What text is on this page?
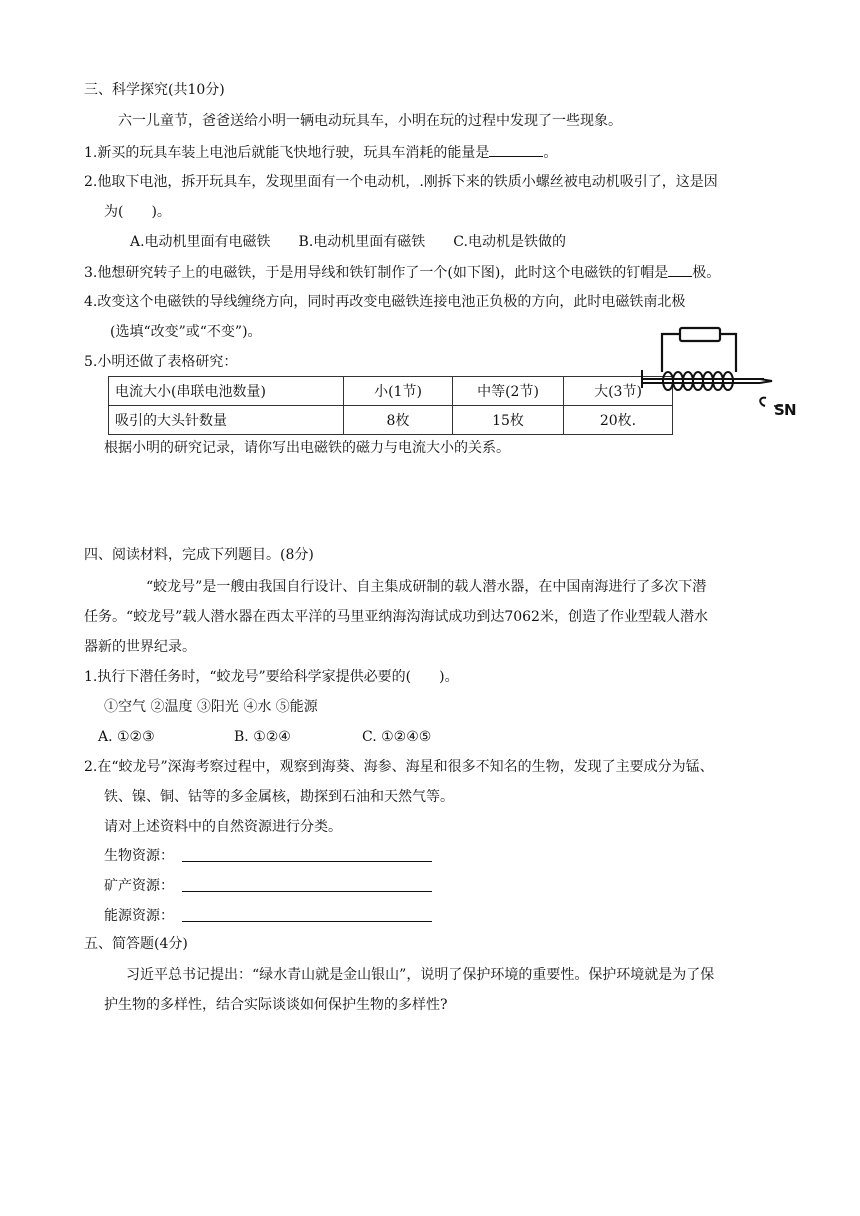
三、科学探究(共10分)
六一儿童节，爸爸送给小明一辆电动玩具车，小明在玩的过程中发现了一些现象。
1.新买的玩具车装上电池后就能飞快地行驶，玩具车消耗的能量是	。
2.他取下电池，拆开玩具车，发现里面有一个电动机，.刚拆下来的铁质小螺丝被电动机吸引了，这是因
为(　　)。
A.电动机里面有电磁铁　　B.电动机里面有磁铁　　C.电动机是铁做的
3.他想研究转子上的电磁铁，于是用导线和铁钉制作了一个(如下图)，此时这个电磁铁的钉帽是 极。
4.改变这个电磁铁的导线缠绕方向，同时再改变电磁铁连接电池正负极的方向，此时电磁铁南北极
(选填“改变”或“不变”)。
5.小明还做了表格研究：
电流大小(串联电池数量)	小(1节)	中等(2节)	大(3节)
吸引的大头针数量	8枚	15枚	20枚.
S N
根据小明的研究记录，请你写出电磁铁的磁力与电流大小的关系。
四、阅读材料，完成下列题目。(8分)
“蛟龙号”是一艘由我国自行设计、自主集成研制的载人潜水器，在中国南海进行了多次下潜
任务。“蛟龙号”载人潜水器在西太平洋的马里亚纳海沟海试成功到达7062米，创造了作业型载人潜水
器新的世界纪录。
1.执行下潜任务时，“蛟龙号”要给科学家提供必要的(　　)。
①空气 ②温度 ③阳光 ④水 ⑤能源
A. ①②③	B. ①②④	C. ①②④⑤
2.在“蛟龙号”深海考察过程中，观察到海葵、海参、海星和很多不知名的生物，发现了主要成分为锰、
铁、镍、铜、钴等的多金属核，勘探到石油和天然气等。
请对上述资料中的自然资源进行分类。
生物资源：
矿产资源：
能源资源：
五、简答题(4分)
习近平总书记提出：“绿水青山就是金山银山”，说明了保护环境的重要性。保护环境就是为了保
护生物的多样性，结合实际谈谈如何保护生物的多样性?
